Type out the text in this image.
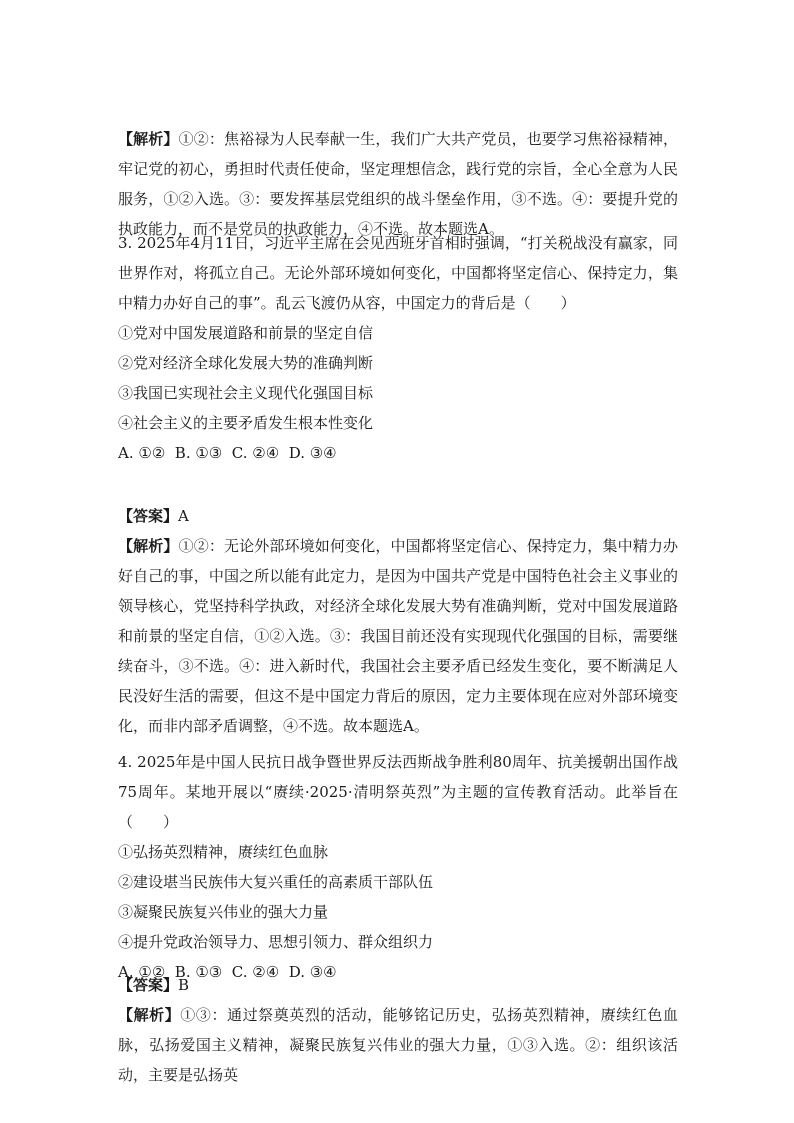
【解析】①②：焦裕禄为人民奉献一生，我们广大共产党员，也要学习焦裕禄精神，牢记党的初心，勇担时代责任使命，坚定理想信念，践行党的宗旨，全心全意为人民服务，①②入选。③：要发挥基层党组织的战斗堡垒作用，③不选。④：要提升党的执政能力，而不是党员的执政能力，④不选。故本题选A。

3. 2025年4月11日，习近平主席在会见西班牙首相时强调，“打关税战没有赢家，同世界作对，将孤立自己。无论外部环境如何变化，中国都将坚定信心、保持定力，集中精力办好自己的事”。乱云飞渡仍从容，中国定力的背后是（　　）

①党对中国发展道路和前景的坚定自信

②党对经济全球化发展大势的准确判断

③我国已实现社会主义现代化强国目标

④社会主义的主要矛盾发生根本性变化

A. ①②  B. ①③  C. ②④  D. ③④

【答案】A

【解析】①②：无论外部环境如何变化，中国都将坚定信心、保持定力，集中精力办好自己的事，中国之所以能有此定力，是因为中国共产党是中国特色社会主义事业的领导核心，党坚持科学执政，对经济全球化发展大势有准确判断，党对中国发展道路和前景的坚定自信，①②入选。③：我国目前还没有实现现代化强国的目标，需要继续奋斗，③不选。④：进入新时代，我国社会主要矛盾已经发生变化，要不断满足人民没好生活的需要，但这不是中国定力背后的原因，定力主要体现在应对外部环境变化，而非内部矛盾调整，④不选。故本题选A。

4. 2025年是中国人民抗日战争暨世界反法西斯战争胜利80周年、抗美援朝出国作战75周年。某地开展以“赓续·2025·清明祭英烈”为主题的宣传教育活动。此举旨在（　　）

①弘扬英烈精神，赓续红色血脉

②建设堪当民族伟大复兴重任的高素质干部队伍

③凝聚民族复兴伟业的强大力量

④提升党政治领导力、思想引领力、群众组织力

A. ①②  B. ①③  C. ②④  D. ③④

【答案】B

【解析】①③：通过祭奠英烈的活动，能够铭记历史，弘扬英烈精神，赓续红色血脉，弘扬爱国主义精神，凝聚民族复兴伟业的强大力量，①③入选。②：组织该活动，主要是弘扬英
